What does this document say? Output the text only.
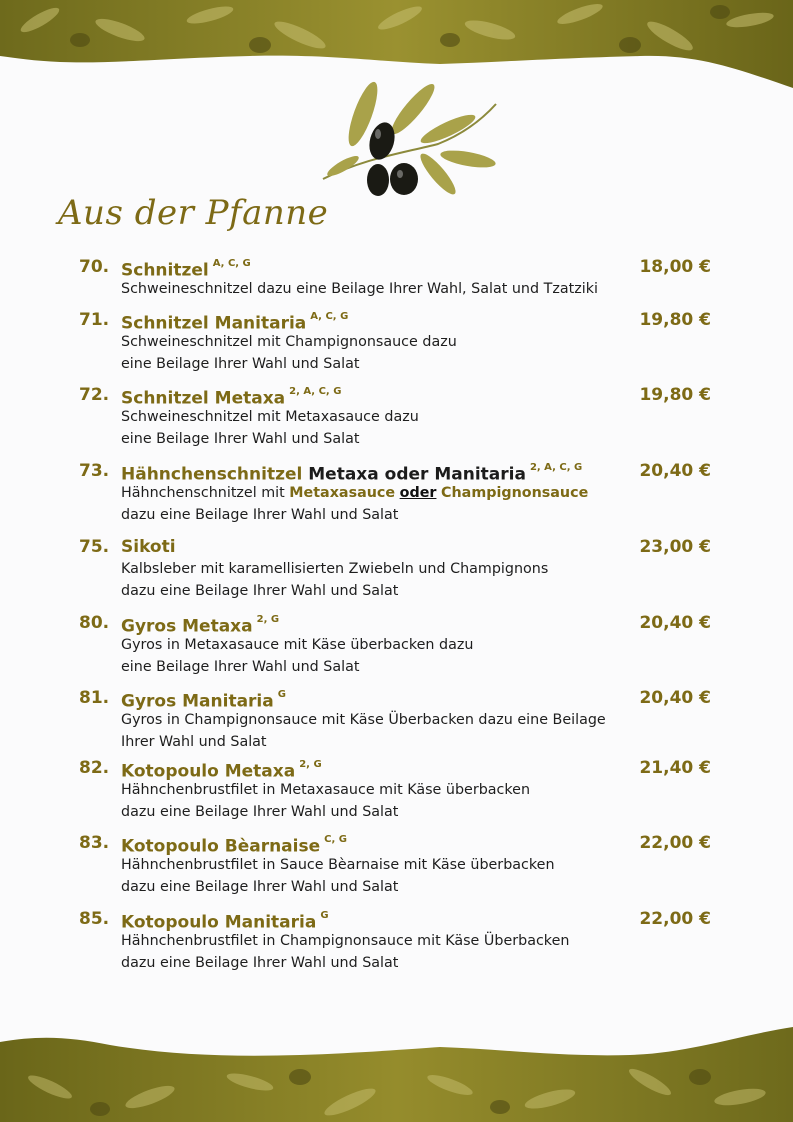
Aus der Pfanne
70. Schnitzel $^{A, C, G}$	18,00 €
Schweineschnitzel dazu eine Beilage Ihrer Wahl, Salat und Tzatziki
71. Schnitzel Manitaria $^{A, C, G}$	19,80 €
Schweineschnitzel mit Champignonsauce dazu
eine Beilage Ihrer Wahl und Salat
72. Schnitzel Metaxa $^{2, A, C, G}$	19,80 €
Schweineschnitzel mit Metaxasauce dazu
eine Beilage Ihrer Wahl und Salat
73. Hähnchenschnitzel Metaxa oder Manitaria $^{2, A, C, G}$	20,40 €
Hähnchenschnitzel mit Metaxasauce oder Champignonsauce
dazu eine Beilage Ihrer Wahl und Salat
75. Sikoti	23,00 €
Kalbsleber mit karamellisierten Zwiebeln und Champignons
dazu eine Beilage Ihrer Wahl und Salat
80. Gyros Metaxa $^{2, G}$	20,40 €
Gyros in Metaxasauce mit Käse überbacken dazu
eine Beilage Ihrer Wahl und Salat
81. Gyros Manitaria $^G$	20,40 €
Gyros in Champignonsauce mit Käse Überbacken dazu eine Beilage
Ihrer Wahl und Salat
82. Kotopoulo Metaxa $^{2, G}$	21,40 €
Hähnchenbrustfilet in Metaxasauce mit Käse überbacken
dazu eine Beilage Ihrer Wahl und Salat
83. Kotopoulo Bèarnaise $^{C, G}$	22,00 €
Hähnchenbrustfilet in Sauce Bèarnaise mit Käse überbacken
dazu eine Beilage Ihrer Wahl und Salat
85. Kotopoulo Manitaria $^G$	22,00 €
Hähnchenbrustfilet in Champignonsauce mit Käse Überbacken
dazu eine Beilage Ihrer Wahl und Salat
